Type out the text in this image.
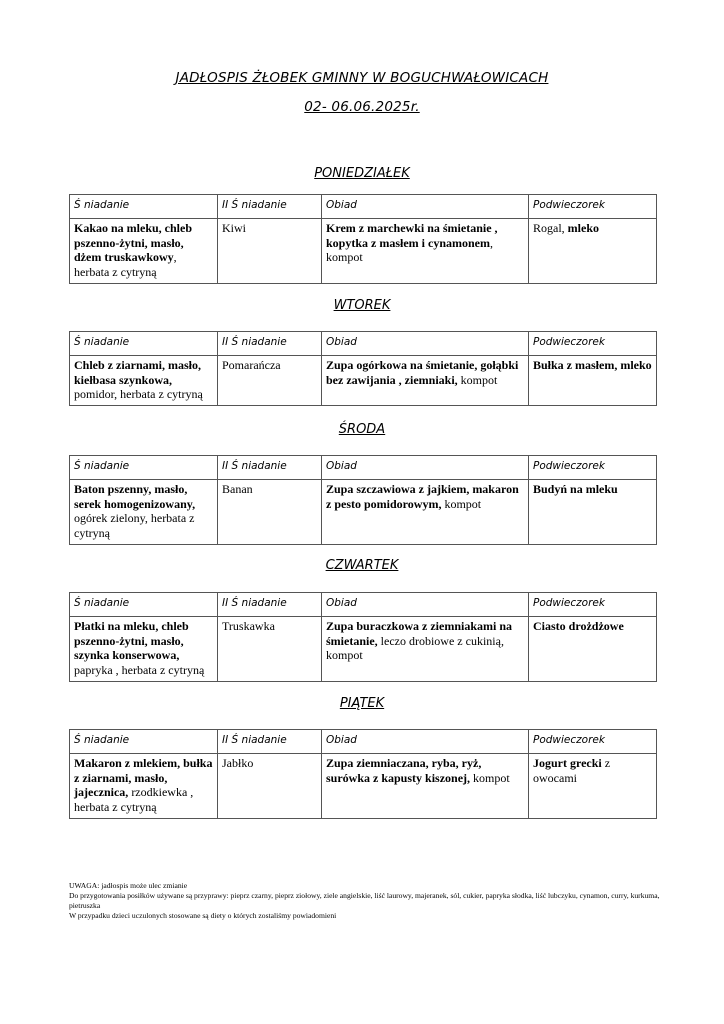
JADŁOSPIS ŻŁOBEK GMINNY W BOGUCHWAŁOWICACH
02- 06.06.2025r.
PONIEDZIAŁEK
Ś niadanie	II Ś niadanie	Obiad	Podwieczorek
Kakao na mleku, chleb pszenno-żytni, masło, dżem truskawkowy, herbata z cytryną	Kiwi	Krem z marchewki na śmietanie , kopytka z masłem i cynamonem, kompot	Rogal, mleko
WTOREK
Ś niadanie	II Ś niadanie	Obiad	Podwieczorek
Chleb z ziarnami, masło, kiełbasa szynkowa, pomidor, herbata z cytryną	Pomarańcza	Zupa ogórkowa na śmietanie, gołąbki bez zawijania , ziemniaki, kompot	Bułka z masłem, mleko
ŚRODA
Ś niadanie	II Ś niadanie	Obiad	Podwieczorek
Baton pszenny, masło, serek homogenizowany, ogórek zielony, herbata z cytryną	Banan	Zupa szczawiowa z jajkiem, makaron z pesto pomidorowym, kompot	Budyń na mleku
CZWARTEK
Ś niadanie	II Ś niadanie	Obiad	Podwieczorek
Płatki na mleku, chleb pszenno-żytni, masło, szynka konserwowa, papryka , herbata z cytryną	Truskawka	Zupa buraczkowa z ziemniakami na śmietanie, leczo drobiowe z cukinią, kompot	Ciasto drożdżowe
PIĄTEK
Ś niadanie	II Ś niadanie	Obiad	Podwieczorek
Makaron z mlekiem, bułka z ziarnami, masło, jajecznica, rzodkiewka , herbata z cytryną	Jabłko	Zupa ziemniaczana, ryba, ryż, surówka z kapusty kiszonej, kompot	Jogurt grecki z owocami
UWAGA: jadłospis może ulec zmianie
Do przygotowania posiłków używane są przyprawy: pieprz czarny, pieprz ziołowy, ziele angielskie, liść laurowy, majeranek, sól, cukier, papryka słodka, liść lubczyku, cynamon, curry, kurkuma, pietruszka
W przypadku dzieci uczulonych stosowane są diety o których zostaliśmy powiadomieni
